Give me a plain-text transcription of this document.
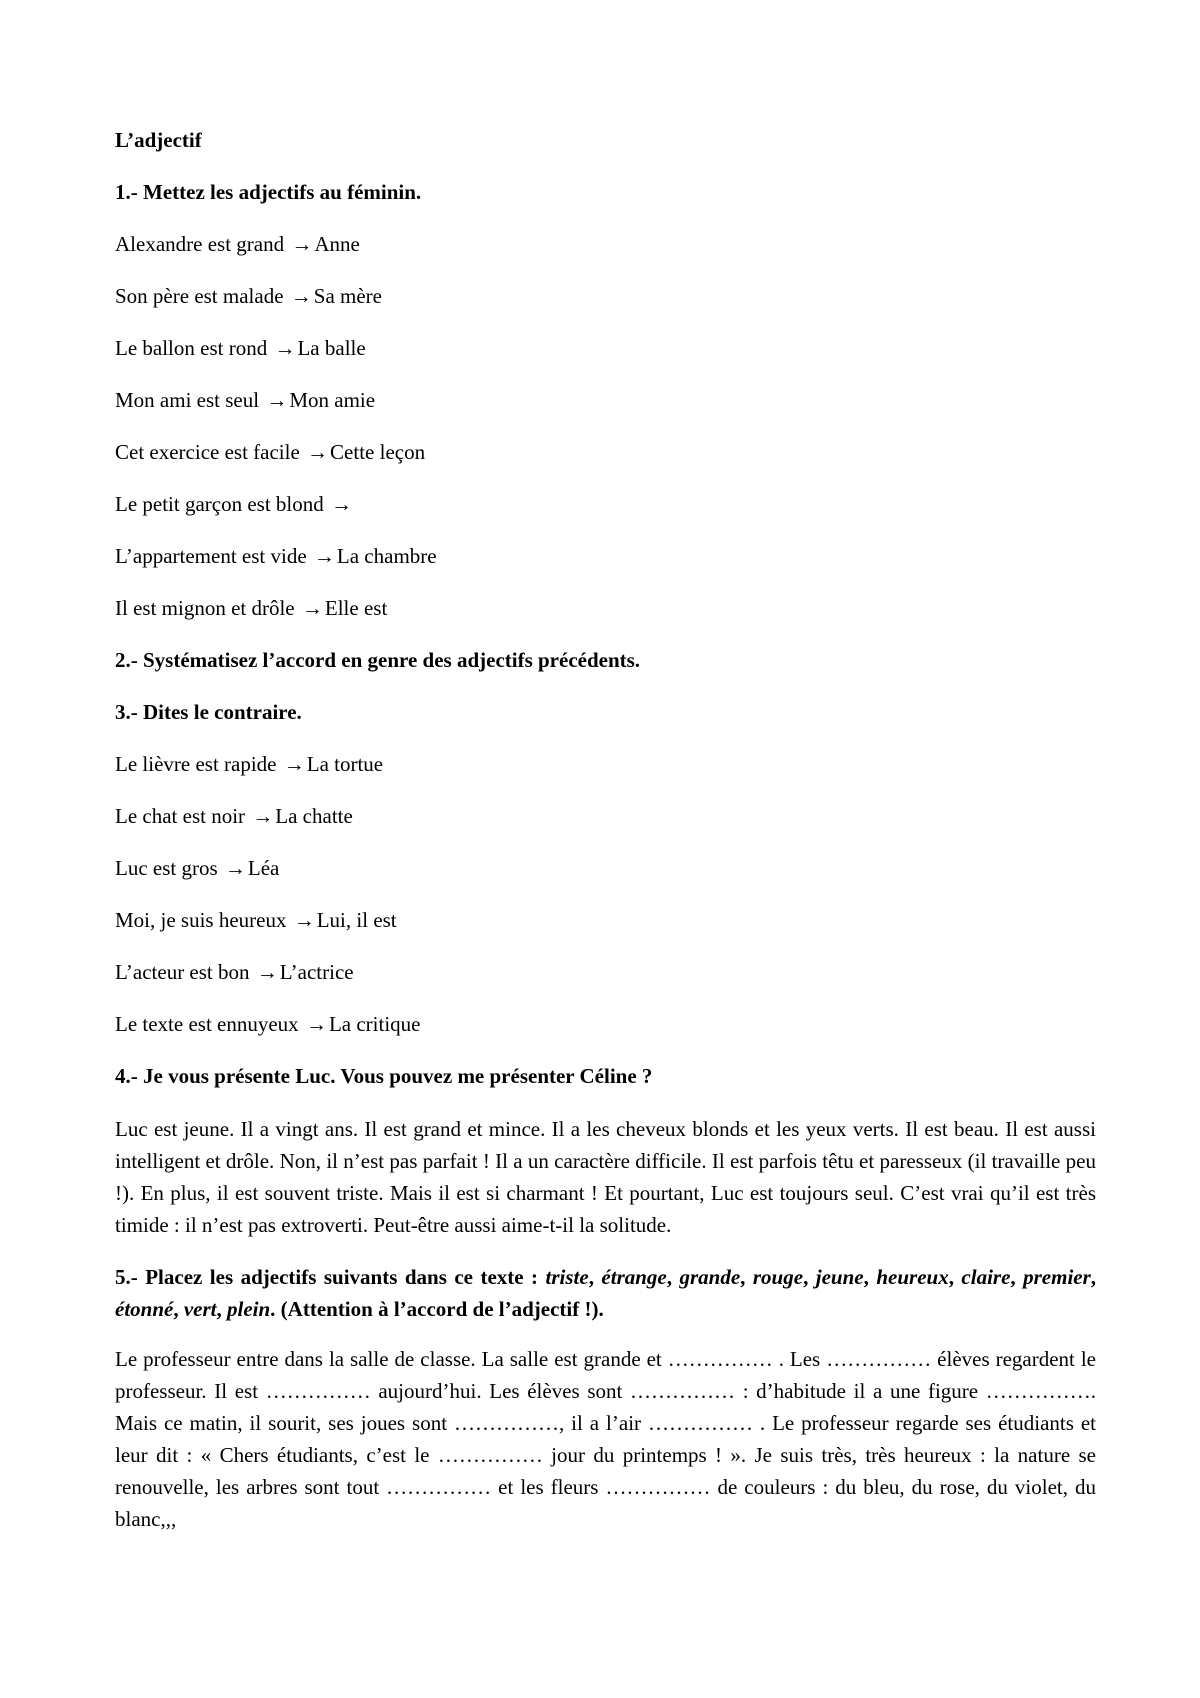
L’adjectif

1.- Mettez les adjectifs au féminin.

Alexandre est grand →Anne

Son père est malade →Sa mère

Le ballon est rond →La balle

Mon ami est seul →Mon amie

Cet exercice est facile →Cette leçon

Le petit garçon est blond →

L’appartement est vide →La chambre

Il est mignon et drôle →Elle est

2.- Systématisez l’accord en genre des adjectifs précédents.

3.- Dites le contraire.

Le lièvre est rapide →La tortue

Le chat est noir →La chatte

Luc est gros →Léa

Moi, je suis heureux →Lui, il est

L’acteur est bon →L’actrice

Le texte est ennuyeux →La critique

4.- Je vous présente Luc. Vous pouvez me présenter Céline ?

Luc est jeune. Il a vingt ans. Il est grand et mince. Il a les cheveux blonds et les yeux verts. Il est beau. Il est aussi intelligent et drôle. Non, il n’est pas parfait ! Il a un caractère difficile. Il est parfois têtu et paresseux (il travaille peu !). En plus, il est souvent triste. Mais il est si charmant ! Et pourtant, Luc est toujours seul. C’est vrai qu’il est très timide : il n’est pas extroverti. Peut-être aussi aime-t-il la solitude.

5.- Placez les adjectifs suivants dans ce texte : triste, étrange, grande, rouge, jeune, heureux, claire, premier, étonné, vert, plein. (Attention à l’accord de l’adjectif !).

Le professeur entre dans la salle de classe. La salle est grande et …………… . Les …………… élèves regardent le professeur. Il est …………… aujourd’hui. Les élèves sont …………… : d’habitude il a une figure ……………. Mais ce matin, il sourit, ses joues sont ……………, il a l’air …………… . Le professeur regarde ses étudiants et leur dit : « Chers étudiants, c’est le …………… jour du printemps ! ». Je suis très, très heureux : la nature se renouvelle, les arbres sont tout …………… et les fleurs …………… de couleurs : du bleu, du rose, du violet, du blanc,,,
